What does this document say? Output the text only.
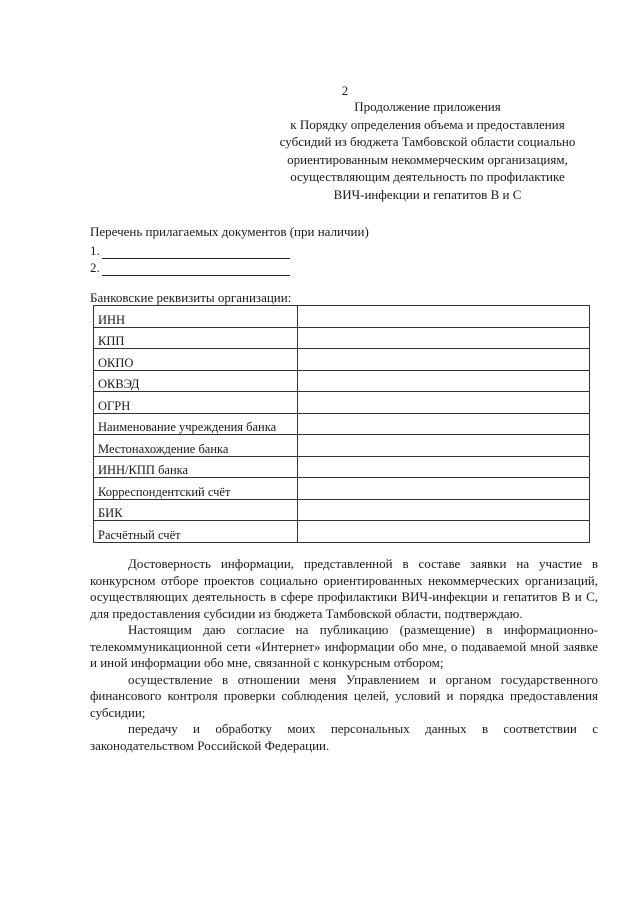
2
Продолжение приложения
к Порядку определения объема и предоставления
субсидий из бюджета Тамбовской области социально
ориентированным некоммерческим организациям,
осуществляющим деятельность по профилактике
ВИЧ-инфекции и гепатитов В и С
Перечень прилагаемых документов (при наличии)
1.
2.
Банковские реквизиты организации:
ИНН	
КПП	
ОКПО	
ОКВЭД	
ОГРН	
Наименование учреждения банка	
Местонахождение банка	
ИНН/КПП банка	
Корреспондентский счёт	
БИК	
Расчётный счёт	

Достоверность информации, представленной в составе заявки на участие в конкурсном отборе проектов социально ориентированных некоммерческих организаций, осуществляющих деятельность в сфере профилактики ВИЧ-инфекции и гепатитов В и С, для предоставления субсидии из бюджета Тамбовской области, подтверждаю.

Настоящим даю согласие на публикацию (размещение) в информационно-телекоммуникационной сети «Интернет» информации обо мне, о подаваемой мной заявке и иной информации обо мне, связанной с конкурсным отбором;

осуществление в отношении меня Управлением и органом государственного финансового контроля проверки соблюдения целей, условий и порядка предоставления субсидии;

передачу и обработку моих персональных данных в соответствии с законодательством Российской Федерации.
